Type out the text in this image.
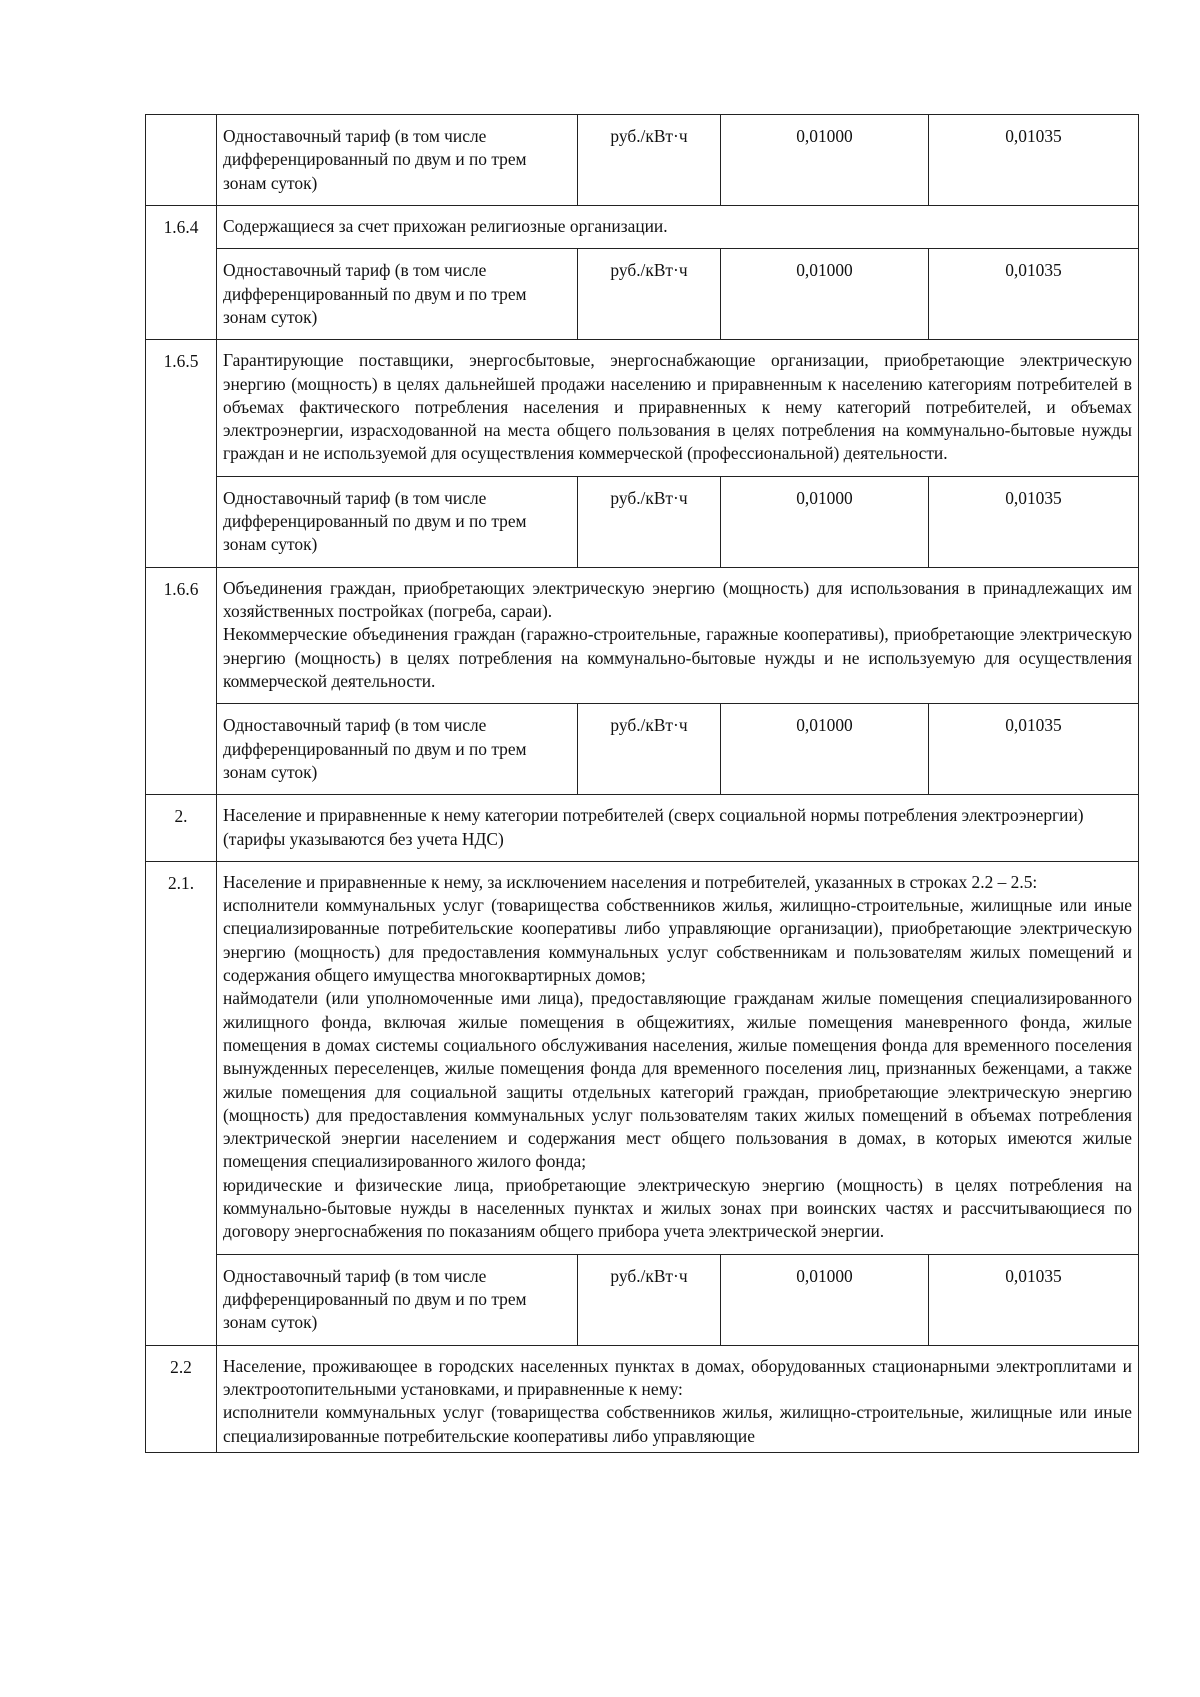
	Одноставочный тариф (в том числе дифференцированный по двум и по трем зонам суток)	руб./кВт·ч	0,01000	0,01035
1.6.4	Содержащиеся за счет прихожан религиозные организации.			

	Одноставочный тариф (в том числе дифференцированный по двум и по трем зонам суток)	руб./кВт·ч	0,01000	0,01035
1.6.5	Гарантирующие поставщики, энергосбытовые, энергоснабжающие организации, приобретающие электрическую энергию (мощность) в целях дальнейшей продажи населению и приравненным к населению категориям потребителей в объемах фактического потребления населения и приравненных к нему категорий потребителей, и объемах электроэнергии, израсходованной на места общего пользования в целях потребления на коммунально-бытовые нужды граждан и не используемой для осуществления коммерческой (профессиональной) деятельности.			

	Одноставочный тариф (в том числе дифференцированный по двум и по трем зонам суток)	руб./кВт·ч	0,01000	0,01035
1.6.6	Объединения граждан, приобретающих электрическую энергию (мощность) для использования в принадлежащих им хозяйственных постройках (погреба, сараи).

Некоммерческие объединения граждан (гаражно-строительные, гаражные кооперативы), приобретающие электрическую энергию (мощность) в целях потребления на коммунально-бытовые нужды и не используемую для осуществления коммерческой деятельности.			

	Одноставочный тариф (в том числе дифференцированный по двум и по трем зонам суток)	руб./кВт·ч	0,01000	0,01035
2.	Население и приравненные к нему категории потребителей (сверх социальной нормы потребления электроэнергии) (тарифы указываются без учета НДС)			

2.1.	Население и приравненные к нему, за исключением населения и потребителей, указанных в строках 2.2 – 2.5:

исполнители коммунальных услуг (товарищества собственников жилья, жилищно-строительные, жилищные или иные специализированные потребительские кооперативы либо управляющие организации), приобретающие электрическую энергию (мощность) для предоставления коммунальных услуг собственникам и пользователям жилых помещений и содержания общего имущества многоквартирных домов;

наймодатели (или уполномоченные ими лица), предоставляющие гражданам жилые помещения специализированного жилищного фонда, включая жилые помещения в общежитиях, жилые помещения маневренного фонда, жилые помещения в домах системы социального обслуживания населения, жилые помещения фонда для временного поселения вынужденных переселенцев, жилые помещения фонда для временного поселения лиц, признанных беженцами, а также жилые помещения для социальной защиты отдельных категорий граждан, приобретающие электрическую энергию (мощность) для предоставления коммунальных услуг пользователям таких жилых помещений в объемах потребления электрической энергии населением и содержания мест общего пользования в домах, в которых имеются жилые помещения специализированного жилого фонда;

юридические и физические лица, приобретающие электрическую энергию (мощность) в целях потребления на коммунально-бытовые нужды в населенных пунктах и жилых зонах при воинских частях и рассчитывающиеся по договору энергоснабжения по показаниям общего прибора учета электрической энергии.			

	Одноставочный тариф (в том числе дифференцированный по двум и по трем зонам суток)	руб./кВт·ч	0,01000	0,01035
2.2	Население, проживающее в городских населенных пунктах в домах, оборудованных стационарными электроплитами и электроотопительными установками, и приравненные к нему:

исполнители коммунальных услуг (товарищества собственников жилья, жилищно-строительные, жилищные или иные специализированные потребительские кооперативы либо управляющие			
